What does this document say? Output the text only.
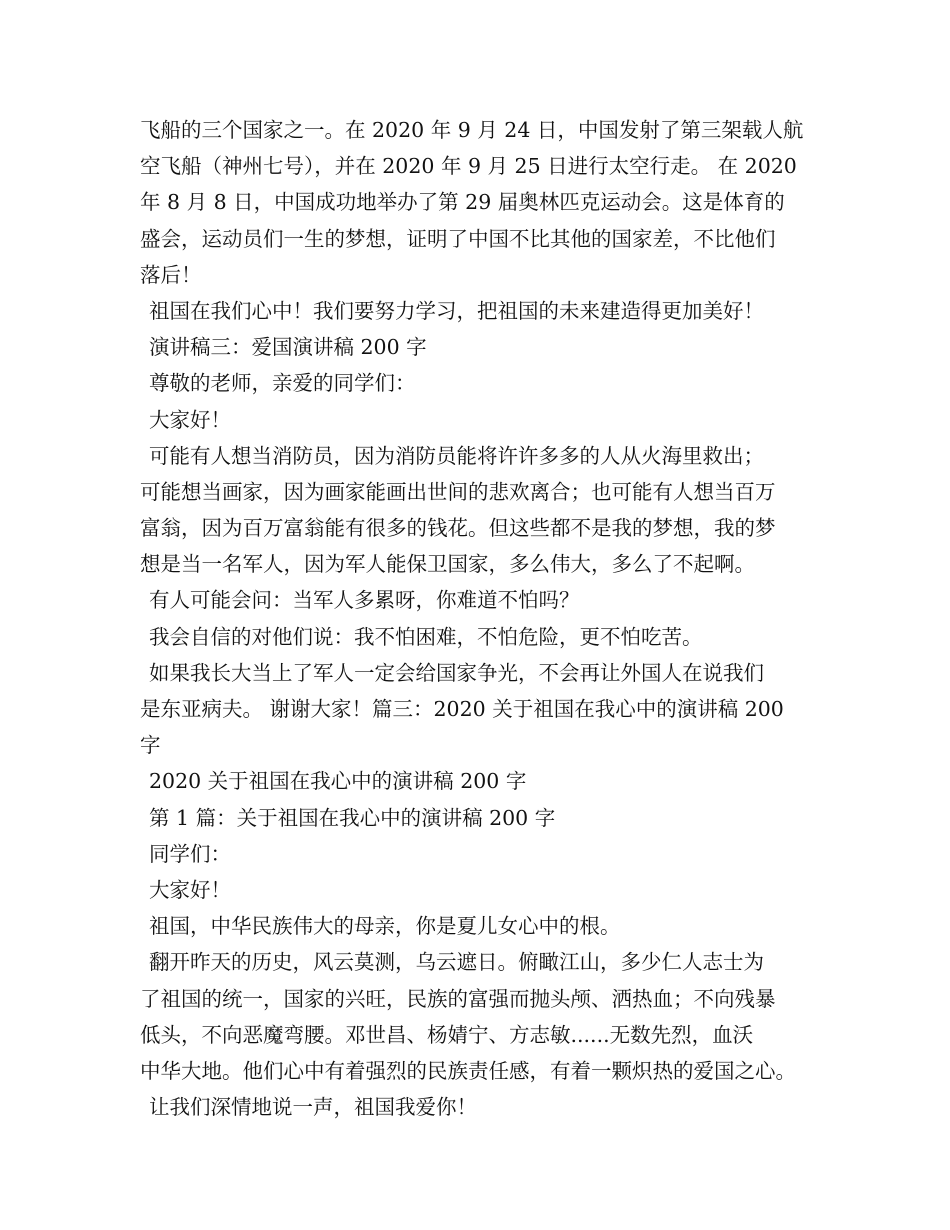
飞船的三个国家之一。在 2020 年 9 月 24 日，中国发射了第三架载人航
空飞船（神州七号），并在 2020 年 9 月 25 日进行太空行走。 在 2020
年 8 月 8 日，中国成功地举办了第 29 届奥林匹克运动会。这是体育的
盛会，运动员们一生的梦想，证明了中国不比其他的国家差，不比他们
落后！
祖国在我们心中！我们要努力学习，把祖国的未来建造得更加美好！
演讲稿三：爱国演讲稿 200 字
尊敬的老师，亲爱的同学们：
大家好！
可能有人想当消防员，因为消防员能将许许多多的人从火海里救出；
可能想当画家，因为画家能画出世间的悲欢离合；也可能有人想当百万
富翁，因为百万富翁能有很多的钱花。但这些都不是我的梦想，我的梦
想是当一名军人，因为军人能保卫国家，多么伟大，多么了不起啊。
有人可能会问：当军人多累呀，你难道不怕吗？
我会自信的对他们说：我不怕困难，不怕危险，更不怕吃苦。
如果我长大当上了军人一定会给国家争光，不会再让外国人在说我们
是东亚病夫。 谢谢大家！篇三：2020 关于祖国在我心中的演讲稿 200
字
2020 关于祖国在我心中的演讲稿 200 字
第 1 篇：关于祖国在我心中的演讲稿 200 字
同学们：
大家好！
祖国，中华民族伟大的母亲，你是夏儿女心中的根。
翻开昨天的历史，风云莫测，乌云遮日。俯瞰江山，多少仁人志士为
了祖国的统一，国家的兴旺，民族的富强而抛头颅、洒热血；不向残暴
低头，不向恶魔弯腰。邓世昌、杨婧宁、方志敏......无数先烈，血沃
中华大地。他们心中有着强烈的民族责任感，有着一颗炽热的爱国之心。
让我们深情地说一声，祖国我爱你！
